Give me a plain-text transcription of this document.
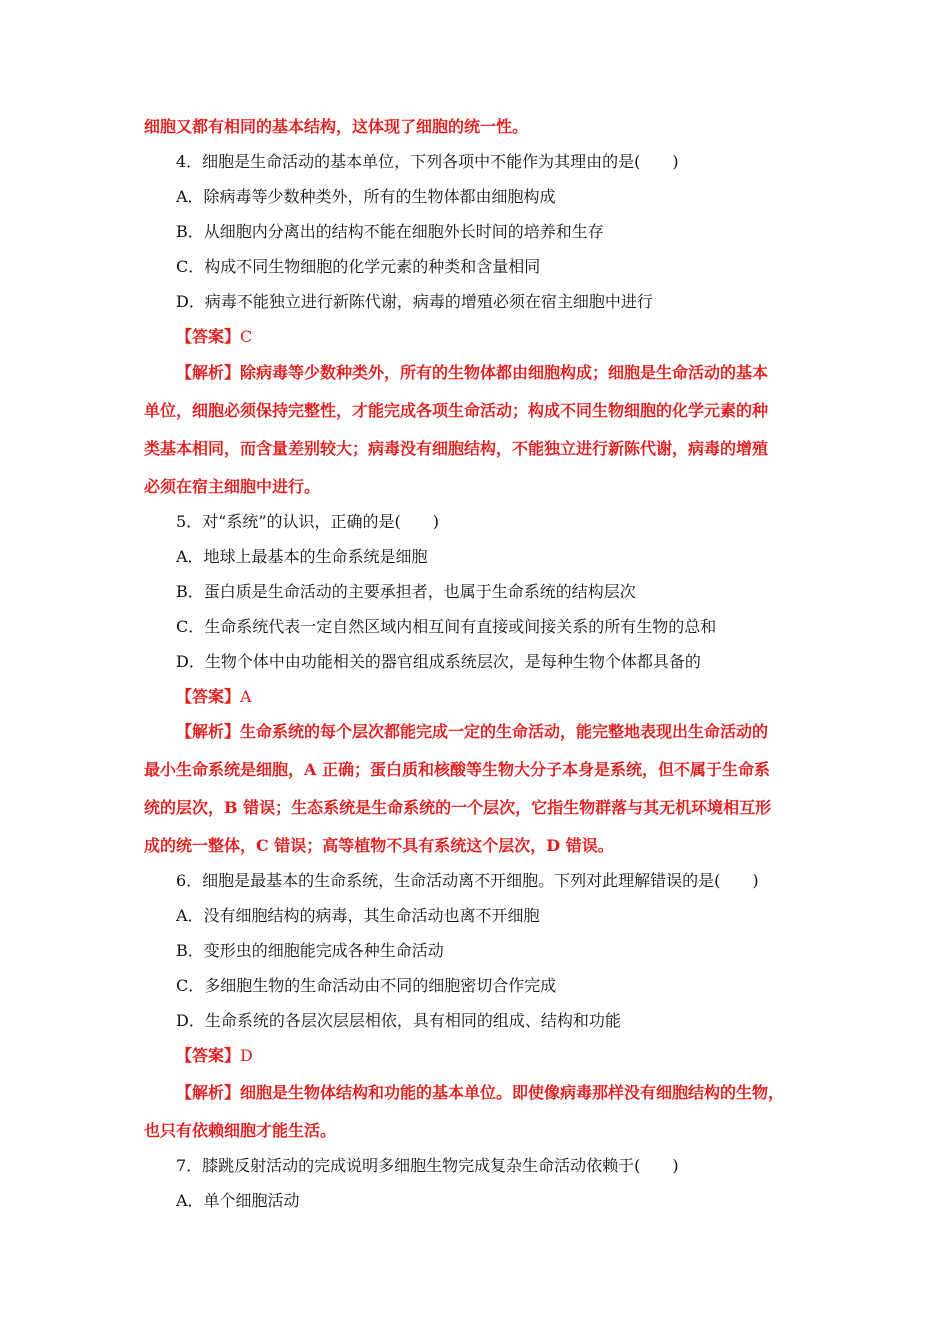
细胞又都有相同的基本结构，这体现了细胞的统一性。
4．细胞是生命活动的基本单位，下列各项中不能作为其理由的是(　　)
A．除病毒等少数种类外，所有的生物体都由细胞构成
B．从细胞内分离出的结构不能在细胞外长时间的培养和生存
C．构成不同生物细胞的化学元素的种类和含量相同
D．病毒不能独立进行新陈代谢，病毒的增殖必须在宿主细胞中进行
【答案】C
【解析】除病毒等少数种类外，所有的生物体都由细胞构成；细胞是生命活动的基本
单位，细胞必须保持完整性，才能完成各项生命活动；构成不同生物细胞的化学元素的种
类基本相同，而含量差别较大；病毒没有细胞结构，不能独立进行新陈代谢，病毒的增殖
必须在宿主细胞中进行。
5．对“系统”的认识，正确的是(　　)
A．地球上最基本的生命系统是细胞
B．蛋白质是生命活动的主要承担者，也属于生命系统的结构层次
C．生命系统代表一定自然区域内相互间有直接或间接关系的所有生物的总和
D．生物个体中由功能相关的器官组成系统层次，是每种生物个体都具备的
【答案】A
【解析】生命系统的每个层次都能完成一定的生命活动，能完整地表现出生命活动的
最小生命系统是细胞，A 正确；蛋白质和核酸等生物大分子本身是系统，但不属于生命系
统的层次，B 错误；生态系统是生命系统的一个层次，它指生物群落与其无机环境相互形
成的统一整体，C 错误；高等植物不具有系统这个层次，D 错误。
6．细胞是最基本的生命系统，生命活动离不开细胞。下列对此理解错误的是(　　)
A．没有细胞结构的病毒，其生命活动也离不开细胞
B．变形虫的细胞能完成各种生命活动
C．多细胞生物的生命活动由不同的细胞密切合作完成
D．生命系统的各层次层层相依，具有相同的组成、结构和功能
【答案】D
【解析】细胞是生物体结构和功能的基本单位。即使像病毒那样没有细胞结构的生物，
也只有依赖细胞才能生活。
7．膝跳反射活动的完成说明多细胞生物完成复杂生命活动依赖于(　　)
A．单个细胞活动
